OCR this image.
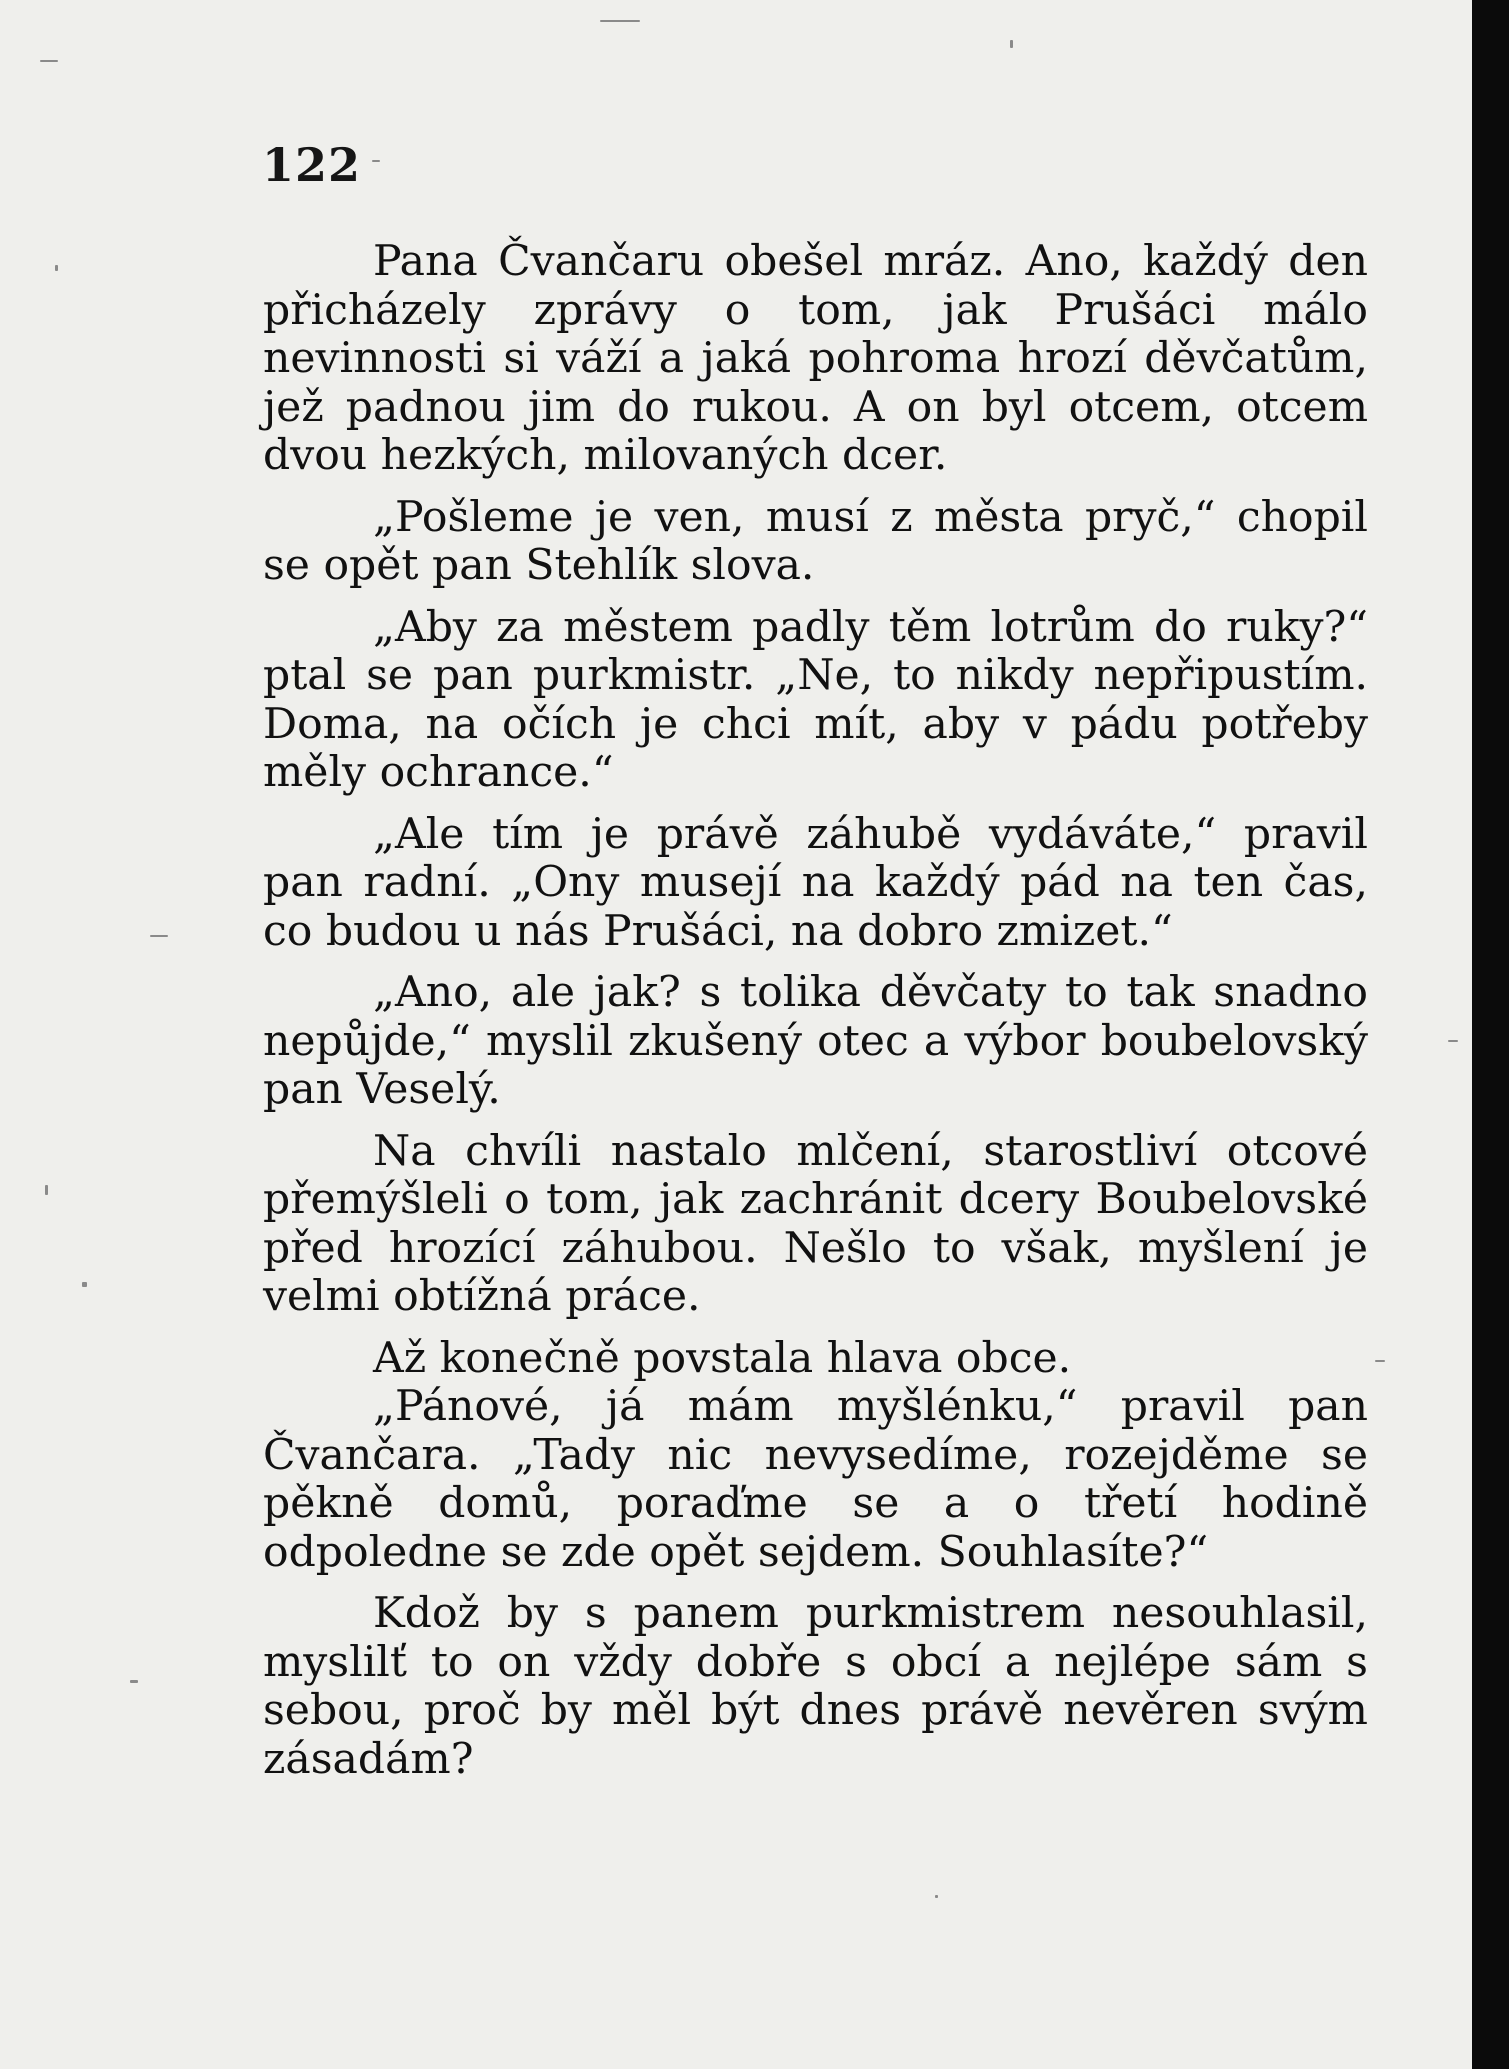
122

Pana Čvančaru obešel mráz. Ano, každý den přicházely zprávy o tom, jak Prušáci málo nevinnosti si váží a jaká pohroma hrozí děvčatům, jež padnou jim do rukou. A on byl otcem, otcem dvou hezkých, milovaných dcer.

„Pošleme je ven, musí z města pryč,“ chopil se opět pan Stehlík slova.

„Aby za městem padly těm lotrům do ruky?“ ptal se pan purkmistr. „Ne, to nikdy nepřipustím. Doma, na očích je chci mít, aby v pádu potřeby měly ochrance.“

„Ale tím je právě záhubě vydáváte,“ pravil pan radní. „Ony musejí na každý pád na ten čas, co budou u nás Prušáci, na dobro zmizet.“

„Ano, ale jak? s tolika děvčaty to tak snadno nepůjde,“ myslil zkušený otec a výbor boubelovský pan Veselý.

Na chvíli nastalo mlčení, starostliví otcové přemýšleli o tom, jak zachránit dcery Boubelovské před hrozící záhubou. Nešlo to však, myšlení je velmi obtížná práce.

Až konečně povstala hlava obce.

„Pánové, já mám myšlénku,“ pravil pan Čvančara. „Tady nic nevysedíme, rozejděme se pěkně domů, poraďme se a o třetí hodině odpoledne se zde opět sejdem. Souhlasíte?“

Kdož by s panem purkmistrem nesouhlasil, myslilť to on vždy dobře s obcí a nejlépe sám s sebou, proč by měl být dnes právě nevěren svým zásadám?
